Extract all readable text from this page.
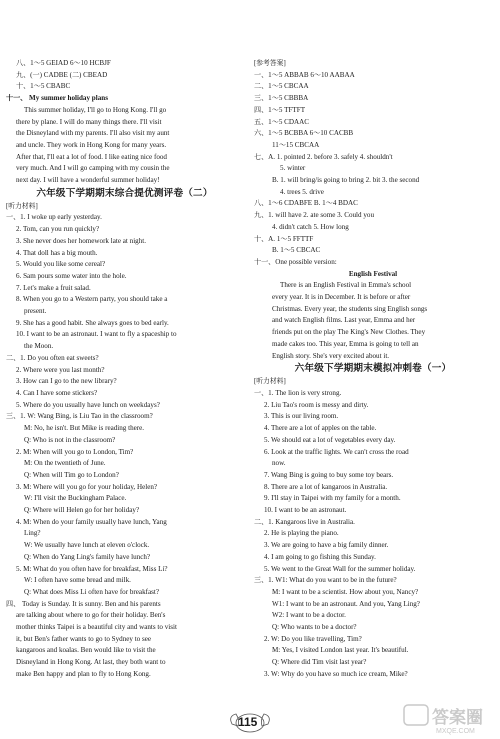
八、1～5 GEIAD 6～10 HCBJF
九、(一) CADBE (二) CBEAD
十、1～5 CBABC
十一、 My summer holiday plans
This summer holiday, I'll go to Hong Kong. I'll go
there by plane. I will do many things there. I'll visit
the Disneyland with my parents. I'll also visit my aunt
and uncle. They work in Hong Kong for many years.
After that, I'll eat a lot of food. I like eating nice food
very much. And I will go camping with my cousin the
next day. I will have a wonderful summer holiday!
六年级下学期期末综合提优测评卷（二）
[听力材料]
一、1. I woke up early yesterday.
2. Tom, can you run quickly?
3. She never does her homework late at night.
4. That doll has a big mouth.
5. Would you like some cereal?
6. Sam pours some water into the hole.
7. Let's make a fruit salad.
8. When you go to a Western party, you should take a
present.
9. She has a good habit. She always goes to bed early.
10. I want to be an astronaut. I want to fly a spaceship to
the Moon.
二、1. Do you often eat sweets?
2. Where were you last month?
3. How can I go to the new library?
4. Can I have some stickers?
5. Where do you usually have lunch on weekdays?
三、1. W: Wang Bing, is Liu Tao in the classroom?
M: No, he isn't. But Mike is reading there.
Q: Who is not in the classroom?
2. M: When will you go to London, Tim?
M: On the twentieth of June.
Q: When will Tim go to London?
3. M: Where will you go for your holiday, Helen?
W: I'll visit the Buckingham Palace.
Q: Where will Helen go for her holiday?
4. M: When do your family usually have lunch, Yang
Ling?
W: We usually have lunch at eleven o'clock.
Q: When do Yang Ling's family have lunch?
5. M: What do you often have for breakfast, Miss Li?
W: I often have some bread and milk.
Q: What does Miss Li often have for breakfast?
四、 Today is Sunday. It is sunny. Ben and his parents
are talking about where to go for their holiday. Ben's
mother thinks Taipei is a beautiful city and wants to visit
it, but Ben's father wants to go to Sydney to see
kangaroos and koalas. Ben would like to visit the
Disneyland in Hong Kong. At last, they both want to
make Ben happy and plan to fly to Hong Kong.
[参考答案]
一、1～5 ABBAB 6～10 AABAA
二、1～5 CBCAA
三、1～5 CBBBA
四、1～5 TFTFT
五、1～5 CDAAC
六、1～5 BCBBA 6～10 CACBB
11～15 CBCAA
七、A. 1. pointed 2. before 3. safely 4. shouldn't
5. winter
B. 1. will bring/is going to bring 2. bit 3. the second
4. trees 5. drive
八、1～6 CDABFE B. 1～4 BDAC
九、1. will have 2. ate some 3. Could you
4. didn't catch 5. How long
十、A. 1～5 FFTTF
B. 1～5 CBCAC
十一、One possible version:
English Festival
There is an English Festival in Emma's school
every year. It is in December. It is before or after
Christmas. Every year, the students sing English songs
and watch English films. Last year, Emma and her
friends put on the play The King's New Clothes. They
made cakes too. This year, Emma is going to tell an
English story. She's very excited about it.
六年级下学期期末模拟冲刺卷（一）
[听力材料]
一、1. The lion is very strong.
2. Liu Tao's room is messy and dirty.
3. This is our living room.
4. There are a lot of apples on the table.
5. We should eat a lot of vegetables every day.
6. Look at the traffic lights. We can't cross the road
now.
7. Wang Bing is going to buy some toy bears.
8. There are a lot of kangaroos in Australia.
9. I'll stay in Taipei with my family for a month.
10. I want to be an astronaut.
二、1. Kangaroos live in Australia.
2. He is playing the piano.
3. We are going to have a big family dinner.
4. I am going to go fishing this Sunday.
5. We went to the Great Wall for the summer holiday.
三、1. W1: What do you want to be in the future?
M: I want to be a scientist. How about you, Nancy?
W1: I want to be an astronaut. And you, Yang Ling?
W2: I want to be a doctor.
Q: Who wants to be a doctor?
2. W: Do you like travelling, Tim?
M: Yes, I visited London last year. It's beautiful.
Q: Where did Tim visit last year?
3. W: Why do you have so much ice cream, Mike?
115	答案圈
MXQE.COM
